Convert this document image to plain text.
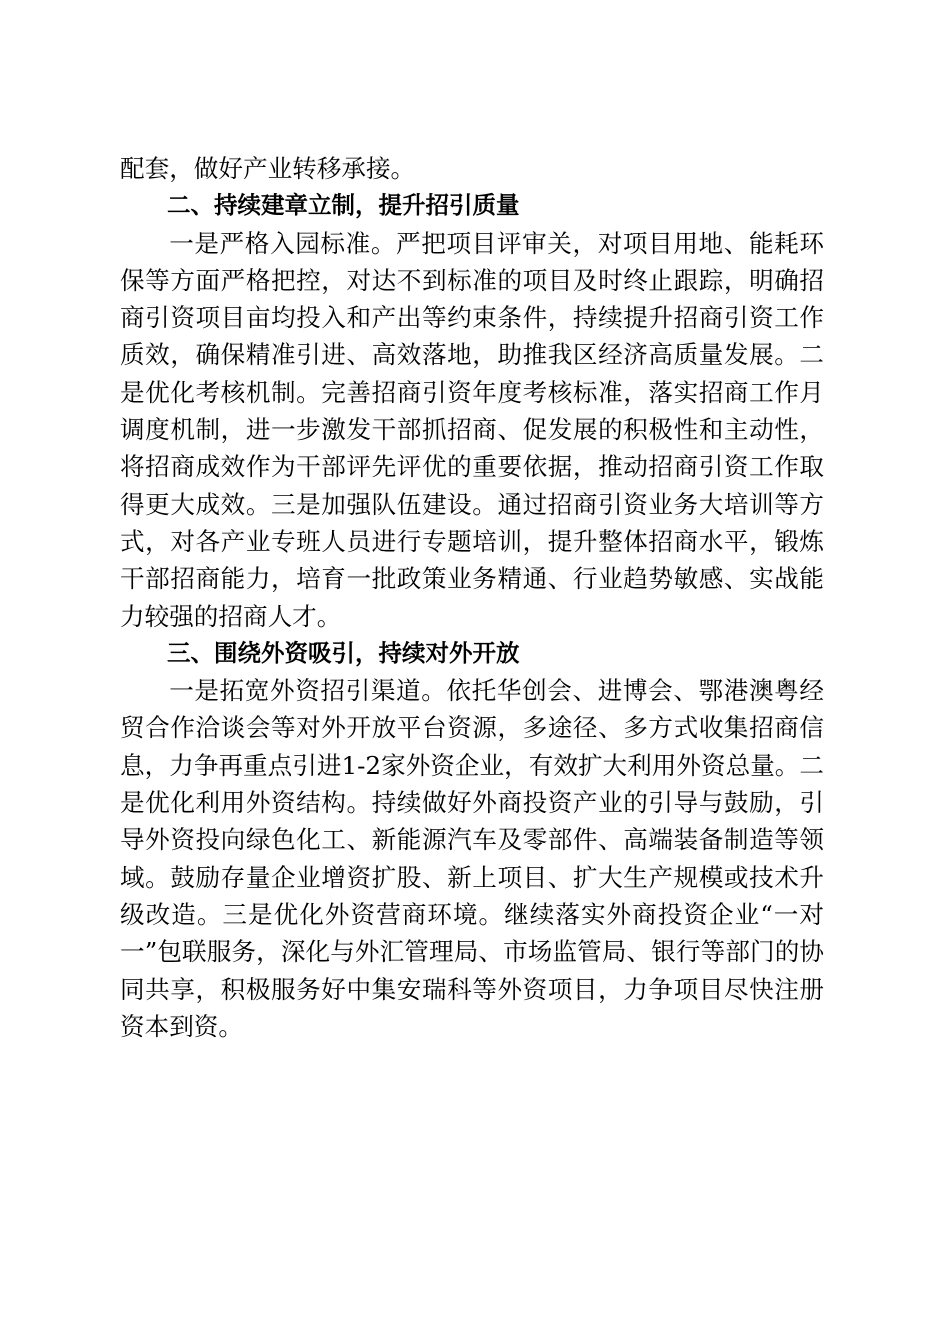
配套，做好产业转移承接。

二、持续建章立制，提升招引质量

一是严格入园标准。严把项目评审关，对项目用地、能耗环保等方面严格把控，对达不到标准的项目及时终止跟踪，明确招商引资项目亩均投入和产出等约束条件，持续提升招商引资工作质效，确保精准引进、高效落地，助推我区经济高质量发展。二是优化考核机制。完善招商引资年度考核标准，落实招商工作月调度机制，进一步激发干部抓招商、促发展的积极性和主动性，将招商成效作为干部评先评优的重要依据，推动招商引资工作取得更大成效。三是加强队伍建设。通过招商引资业务大培训等方式，对各产业专班人员进行专题培训，提升整体招商水平，锻炼干部招商能力，培育一批政策业务精通、行业趋势敏感、实战能力较强的招商人才。

三、围绕外资吸引，持续对外开放

一是拓宽外资招引渠道。依托华创会、进博会、鄂港澳粤经贸合作洽谈会等对外开放平台资源，多途径、多方式收集招商信息，力争再重点引进1-2家外资企业，有效扩大利用外资总量。二是优化利用外资结构。持续做好外商投资产业的引导与鼓励，引导外资投向绿色化工、新能源汽车及零部件、高端装备制造等领域。鼓励存量企业增资扩股、新上项目、扩大生产规模或技术升级改造。三是优化外资营商环境。继续落实外商投资企业“一对一”包联服务，深化与外汇管理局、市场监管局、银行等部门的协同共享，积极服务好中集安瑞科等外资项目，力争项目尽快注册资本到资。
